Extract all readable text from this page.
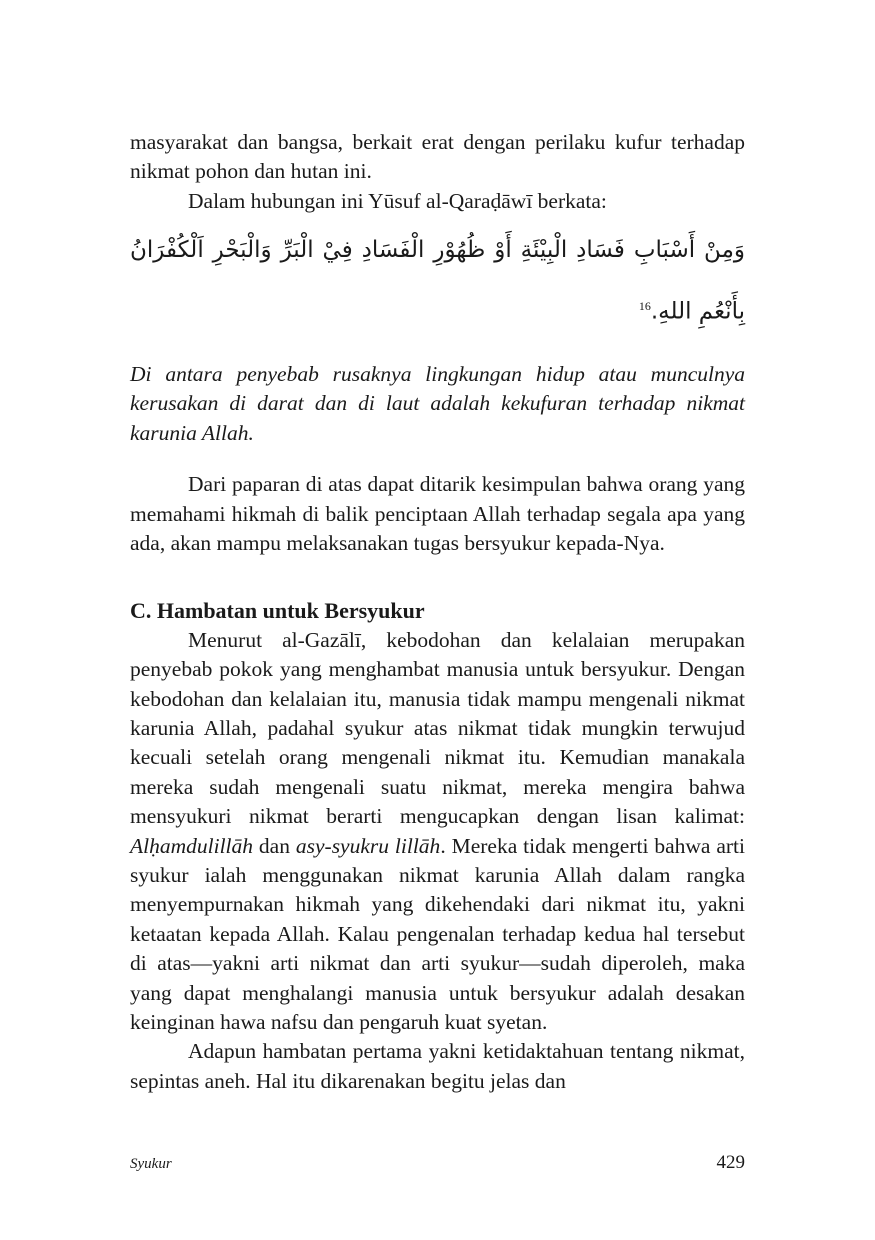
masyarakat dan bangsa, berkait erat dengan perilaku kufur terhadap nikmat pohon dan hutan ini.

Dalam hubungan ini Yūsuf al-Qaraḍāwī berkata:

وَمِنْ أَسْبَابِ فَسَادِ الْبِيْئَةِ أَوْ ظُهُوْرِ الْفَسَادِ فِيْ الْبَرِّ وَالْبَحْرِ اَلْكُفْرَانُ بِأَنْعُمِ اللهِ.$^{16}$

Di antara penyebab rusaknya lingkungan hidup atau munculnya kerusakan di darat dan di laut adalah kekufuran terhadap nikmat karunia Allah.

Dari paparan di atas dapat ditarik kesimpulan bahwa orang yang memahami hikmah di balik penciptaan Allah terhadap segala apa yang ada, akan mampu melaksanakan tugas bersyukur kepada-Nya.

C. Hambatan untuk Bersyukur

Menurut al-Gazālī, kebodohan dan kelalaian merupakan penyebab pokok yang menghambat manusia untuk bersyukur. Dengan kebodohan dan kelalaian itu, manusia tidak mampu mengenali nikmat karunia Allah, padahal syukur atas nikmat tidak mungkin terwujud kecuali setelah orang mengenali nikmat itu. Kemudian manakala mereka sudah mengenali suatu nikmat, mereka mengira bahwa mensyukuri nikmat berarti mengucapkan dengan lisan kalimat: Alḥamdulillāh dan asy-syukru lillāh. Mereka tidak mengerti bahwa arti syukur ialah menggunakan nikmat karunia Allah dalam rangka menyempurnakan hikmah yang dikehendaki dari nikmat itu, yakni ketaatan kepada Allah. Kalau pengenalan terhadap kedua hal tersebut di atas—yakni arti nikmat dan arti syukur—sudah diperoleh, maka yang dapat menghalangi manusia untuk bersyukur adalah desakan keinginan hawa nafsu dan pengaruh kuat syetan.

Adapun hambatan pertama yakni ketidaktahuan tentang nikmat, sepintas aneh. Hal itu dikarenakan begitu jelas dan

Syukur	429
